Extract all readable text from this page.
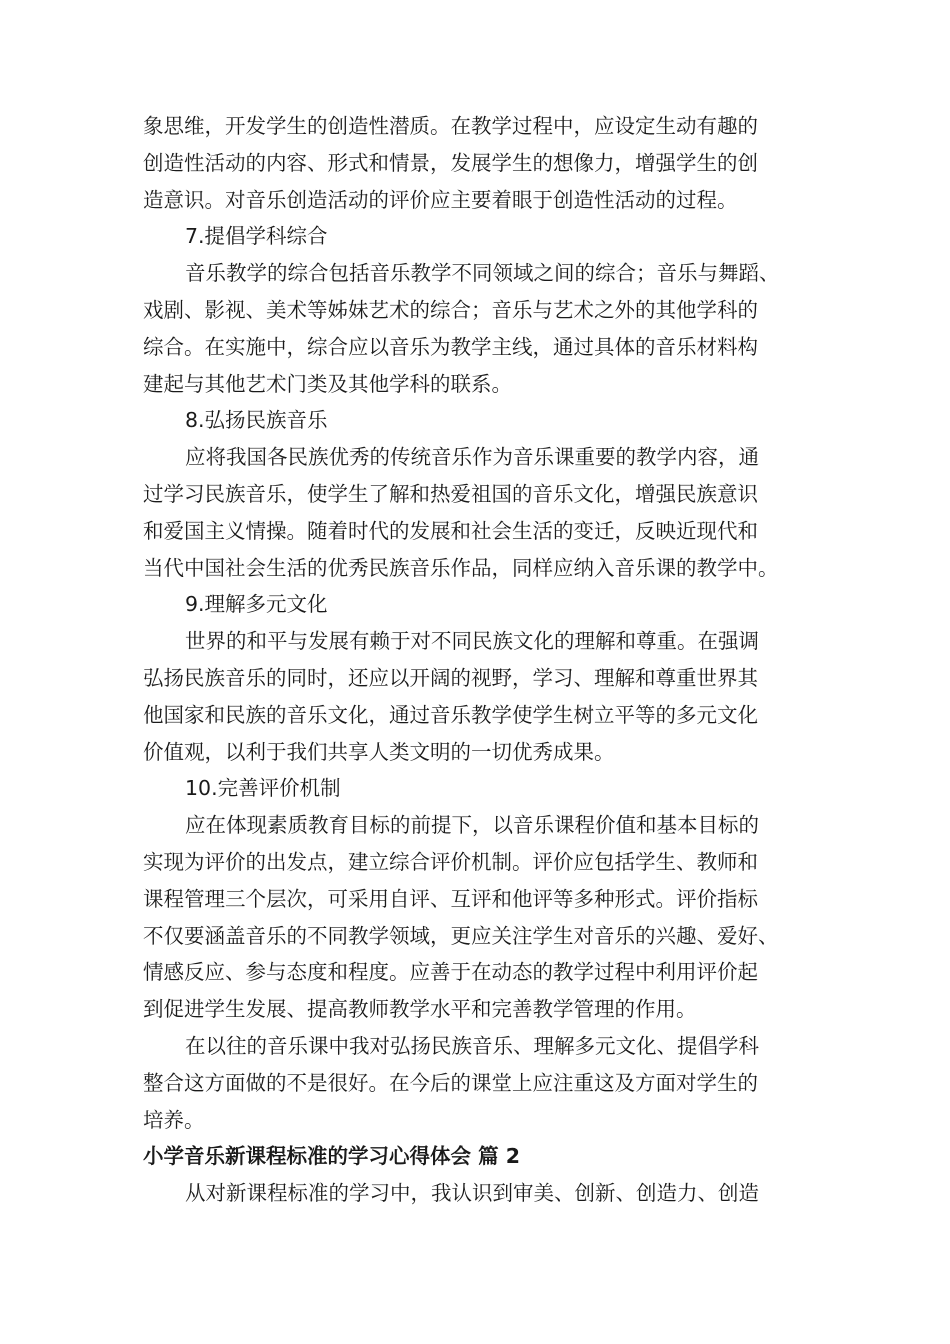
象思维，开发学生的创造性潜质。在教学过程中，应设定生动有趣的
创造性活动的内容、形式和情景，发展学生的想像力，增强学生的创
造意识。对音乐创造活动的评价应主要着眼于创造性活动的过程。
7.提倡学科综合
音乐教学的综合包括音乐教学不同领域之间的综合；音乐与舞蹈、
戏剧、影视、美术等姊妹艺术的综合；音乐与艺术之外的其他学科的
综合。在实施中，综合应以音乐为教学主线，通过具体的音乐材料构
建起与其他艺术门类及其他学科的联系。
8.弘扬民族音乐
应将我国各民族优秀的传统音乐作为音乐课重要的教学内容，通
过学习民族音乐，使学生了解和热爱祖国的音乐文化，增强民族意识
和爱国主义情操。随着时代的发展和社会生活的变迁，反映近现代和
当代中国社会生活的优秀民族音乐作品，同样应纳入音乐课的教学中。
9.理解多元文化
世界的和平与发展有赖于对不同民族文化的理解和尊重。在强调
弘扬民族音乐的同时，还应以开阔的视野，学习、理解和尊重世界其
他国家和民族的音乐文化，通过音乐教学使学生树立平等的多元文化
价值观，以利于我们共享人类文明的一切优秀成果。
10.完善评价机制
应在体现素质教育目标的前提下，以音乐课程价值和基本目标的
实现为评价的出发点，建立综合评价机制。评价应包括学生、教师和
课程管理三个层次，可采用自评、互评和他评等多种形式。评价指标
不仅要涵盖音乐的不同教学领域，更应关注学生对音乐的兴趣、爱好、
情感反应、参与态度和程度。应善于在动态的教学过程中利用评价起
到促进学生发展、提高教师教学水平和完善教学管理的作用。
在以往的音乐课中我对弘扬民族音乐、理解多元文化、提倡学科
整合这方面做的不是很好。在今后的课堂上应注重这及方面对学生的
培养。
小学音乐新课程标准的学习心得体会 篇 2
从对新课程标准的学习中，我认识到审美、创新、创造力、创造
